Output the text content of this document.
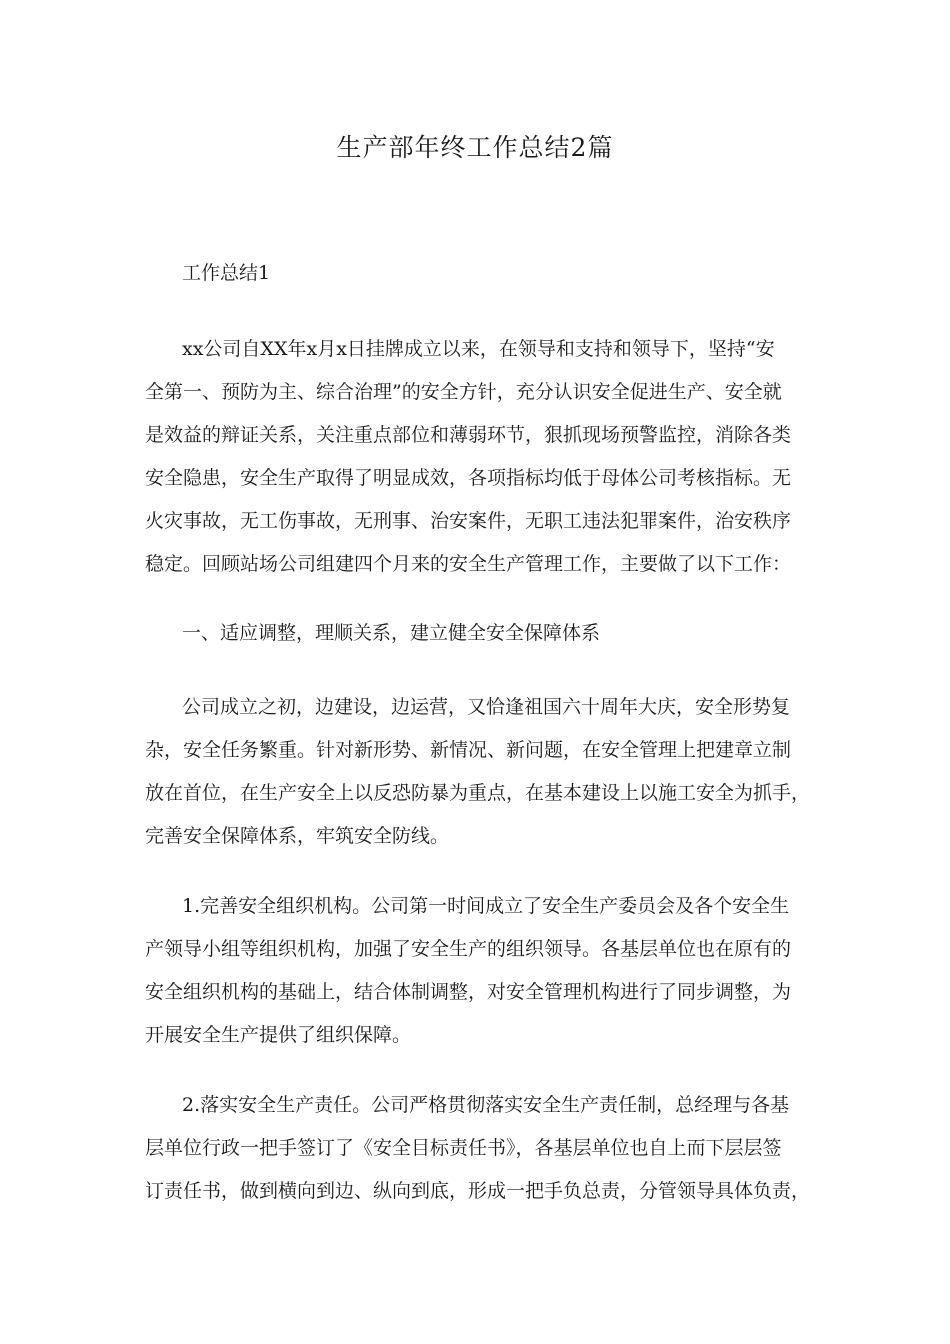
生产部年终工作总结2篇
工作总结1
xx公司自XX年x月x日挂牌成立以来，在领导和支持和领导下，坚持“安
全第一、预防为主、综合治理”的安全方针，充分认识安全促进生产、安全就
是效益的辩证关系，关注重点部位和薄弱环节，狠抓现场预警监控，消除各类
安全隐患，安全生产取得了明显成效，各项指标均低于母体公司考核指标。无
火灾事故，无工伤事故，无刑事、治安案件，无职工违法犯罪案件，治安秩序
稳定。回顾站场公司组建四个月来的安全生产管理工作，主要做了以下工作：
一、适应调整，理顺关系，建立健全安全保障体系
公司成立之初，边建设，边运营，又恰逢祖国六十周年大庆，安全形势复
杂，安全任务繁重。针对新形势、新情况、新问题，在安全管理上把建章立制
放在首位，在生产安全上以反恐防暴为重点，在基本建设上以施工安全为抓手，
完善安全保障体系，牢筑安全防线。
1.完善安全组织机构。公司第一时间成立了安全生产委员会及各个安全生
产领导小组等组织机构，加强了安全生产的组织领导。各基层单位也在原有的
安全组织机构的基础上，结合体制调整，对安全管理机构进行了同步调整，为
开展安全生产提供了组织保障。
2.落实安全生产责任。公司严格贯彻落实安全生产责任制，总经理与各基
层单位行政一把手签订了《安全目标责任书》，各基层单位也自上而下层层签
订责任书，做到横向到边、纵向到底，形成一把手负总责，分管领导具体负责，
